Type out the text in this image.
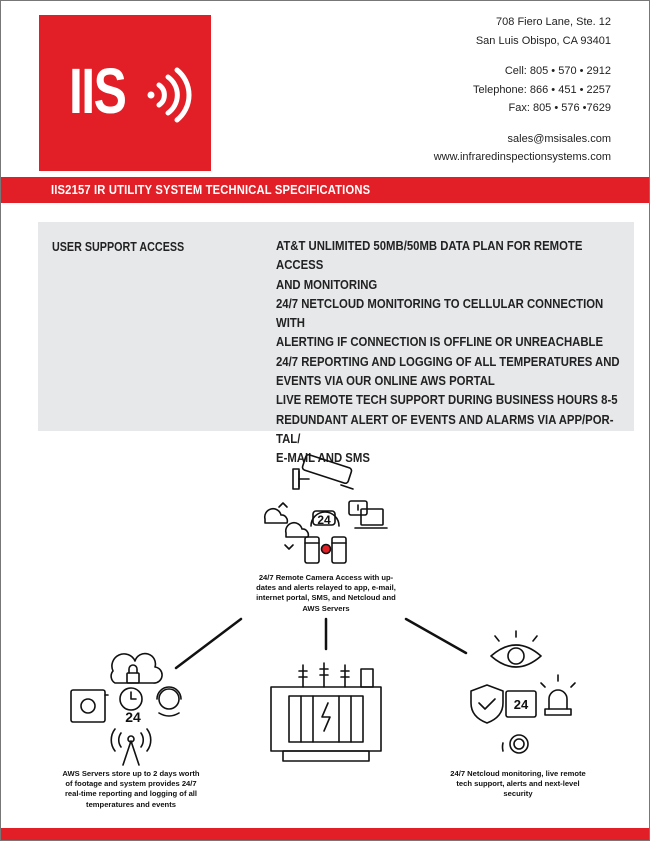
IIS
708 Fiero Lane, Ste. 12
San Luis Obispo, CA 93401
Cell: 805 • 570 • 2912
Telephone: 866 • 451 • 2257
Fax: 805 • 576 •7629
sales@msisales.com
www.infraredinspectionsystems.com
IIS2157 IR UTILITY SYSTEM TECHNICAL SPECIFICATIONS
USER SUPPORT ACCESS	AT&T UNLIMITED 50MB/50MB DATA PLAN FOR REMOTE ACCESS
AND MONITORING
24/7 NETCLOUD MONITORING TO CELLULAR CONNECTION WITH
ALERTING IF CONNECTION IS OFFLINE OR UNREACHABLE
24/7 REPORTING AND LOGGING OF ALL TEMPERATURES AND
EVENTS VIA OUR ONLINE AWS PORTAL
LIVE REMOTE TECH SUPPORT DURING BUSINESS HOURS 8-5
REDUNDANT ALERT OF EVENTS AND ALARMS VIA APP/POR-TAL/
E-MAIL AND SMS
24
24
24
24/7 Remote Camera Access with up-
dates and alerts relayed to app, e-mail,
internet portal, SMS, and Netcloud and
AWS Servers
AWS Servers store up to 2 days worth
of footage and system provides 24/7
real-time reporting and logging of all
temperatures and events
24/7 Netcloud monitoring, live remote
tech support, alerts and next-level
security
